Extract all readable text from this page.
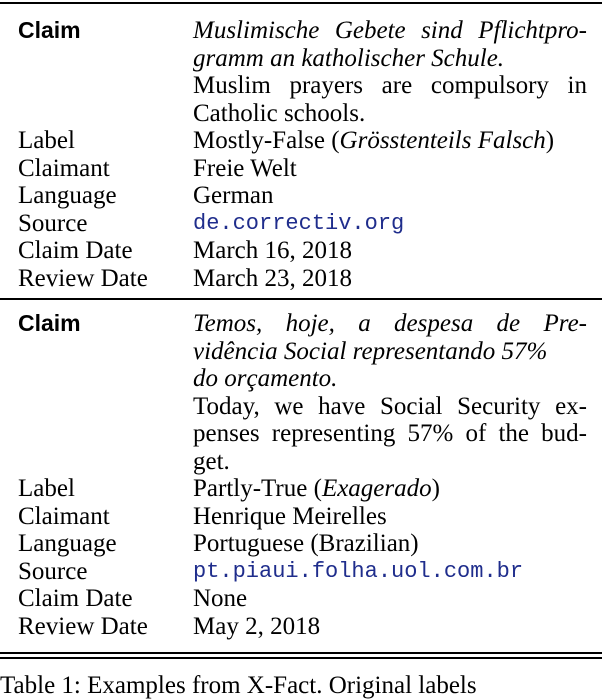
Claim	Muslimische Gebete sind Pflichtpro-
gramm an katholischer Schule.
Muslim prayers are compulsory in
Catholic schools.
Label	Mostly-False (Grösstenteils Falsch)
Claimant	Freie Welt
Language	German
Source	de.correctiv.org
Claim Date	March 16, 2018
Review Date	March 23, 2018
Claim	Temos, hoje, a despesa de Pre-
vidência Social representando 57%
do orçamento.
Today, we have Social Security ex-
penses representing 57% of the bud-
get.
Label	Partly-True (Exagerado)
Claimant	Henrique Meirelles
Language	Portuguese (Brazilian)
Source	pt.piaui.folha.uol.com.br
Claim Date	None
Review Date	May 2, 2018
Table 1: Examples from X-Fact. Original labels
